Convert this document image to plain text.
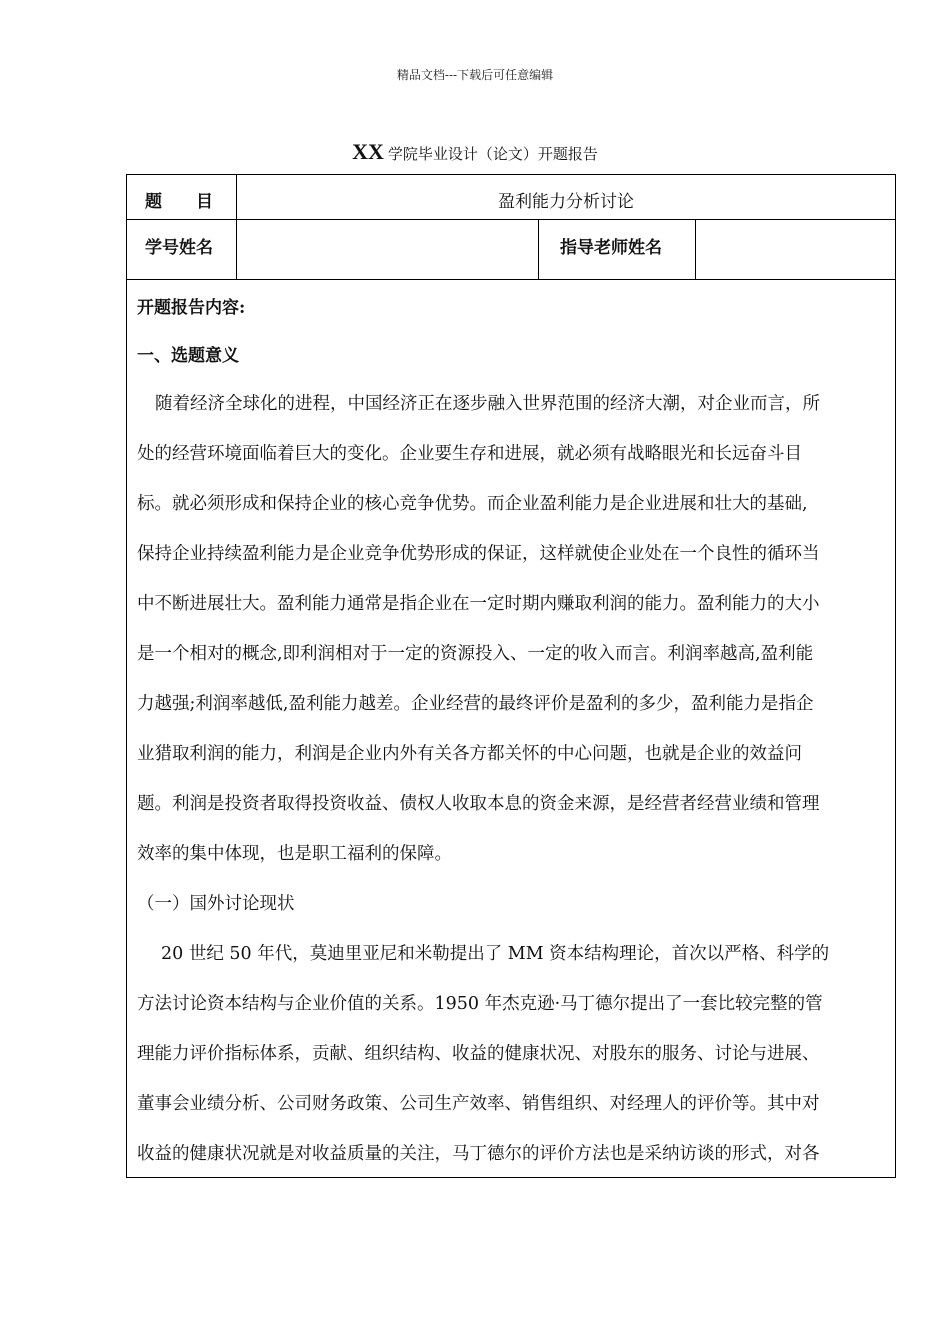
精品文档---下载后可任意编辑
XX 学院毕业设计（论文）开题报告
题　　目	盈利能力分析讨论
学号姓名	指导老师姓名
开题报告内容:
一、选题意义
随着经济全球化的进程，中国经济正在逐步融入世界范围的经济大潮，对企业而言，所
处的经营环境面临着巨大的变化。企业要生存和进展，就必须有战略眼光和长远奋斗目
标。就必须形成和保持企业的核心竞争优势。而企业盈利能力是企业进展和壮大的基础,
保持企业持续盈利能力是企业竞争优势形成的保证，这样就使企业处在一个良性的循环当
中不断进展壮大。盈利能力通常是指企业在一定时期内赚取利润的能力。盈利能力的大小
是一个相对的概念,即利润相对于一定的资源投入、一定的收入而言。利润率越高,盈利能
力越强;利润率越低,盈利能力越差。企业经营的最终评价是盈利的多少，盈利能力是指企
业猎取利润的能力，利润是企业内外有关各方都关怀的中心问题，也就是企业的效益问
题。利润是投资者取得投资收益、债权人收取本息的资金来源，是经营者经营业绩和管理
效率的集中体现，也是职工福利的保障。
（一）国外讨论现状
20 世纪 50 年代，莫迪里亚尼和米勒提出了 MM 资本结构理论，首次以严格、科学的
方法讨论资本结构与企业价值的关系。1950 年杰克逊·马丁德尔提出了一套比较完整的管
理能力评价指标体系，贡献、组织结构、收益的健康状况、对股东的服务、讨论与进展、
董事会业绩分析、公司财务政策、公司生产效率、销售组织、对经理人的评价等。其中对
收益的健康状况就是对收益质量的关注，马丁德尔的评价方法也是采纳访谈的形式，对各
